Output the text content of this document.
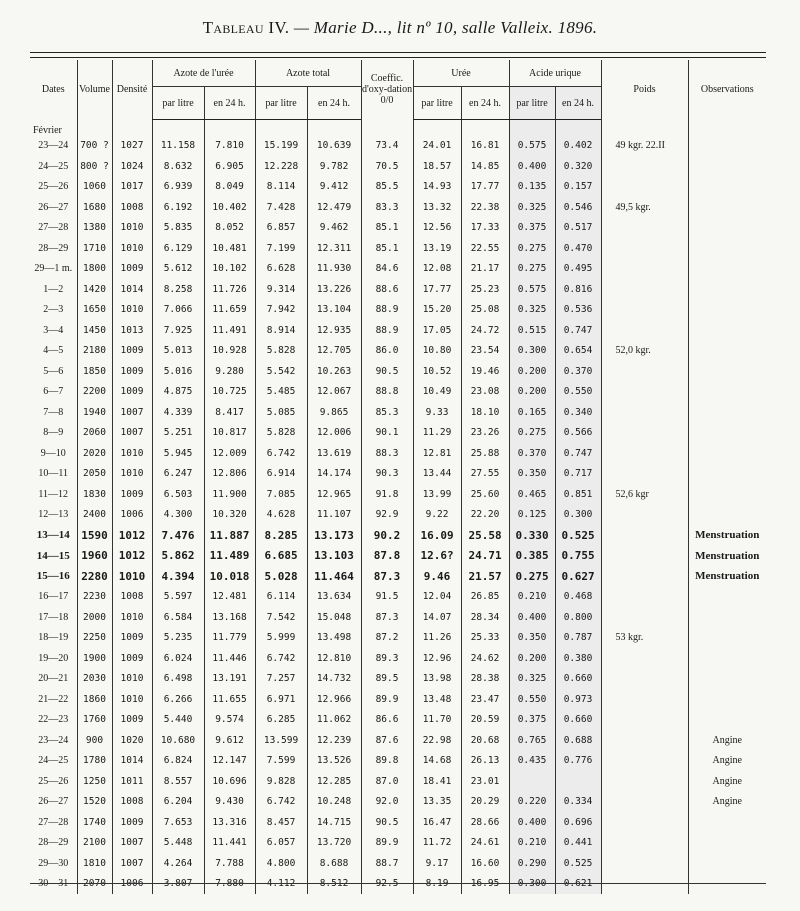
Tableau IV. — Marie D..., lit nº 10, salle Valleix. 1896.
Dates	Volume	Densité	Azote de l'urée		Azote total		Coeffic. d'oxy-dation 0/0	Urée		Acide urique		Poids	Observations
			par litre	en 24 h.	par litre	en 24 h.		par litre	en 24 h.	par litre	en 24 h.		

Février													
23—24	700 ?	1027	11.158	7.810	15.199	10.639	73.4	24.01	16.81	0.575	0.402	49 kgr. 22.II	
24—25	800 ?	1024	8.632	6.905	12.228	9.782	70.5	18.57	14.85	0.400	0.320		
25—26	1060	1017	6.939	8.049	8.114	9.412	85.5	14.93	17.77	0.135	0.157		
26—27	1680	1008	6.192	10.402	7.428	12.479	83.3	13.32	22.38	0.325	0.546	49,5 kgr.	
27—28	1380	1010	5.835	8.052	6.857	9.462	85.1	12.56	17.33	0.375	0.517		
28—29	1710	1010	6.129	10.481	7.199	12.311	85.1	13.19	22.55	0.275	0.470		
29—1 m.	1800	1009	5.612	10.102	6.628	11.930	84.6	12.08	21.17	0.275	0.495		
1—2	1420	1014	8.258	11.726	9.314	13.226	88.6	17.77	25.23	0.575	0.816		
2—3	1650	1010	7.066	11.659	7.942	13.104	88.9	15.20	25.08	0.325	0.536		
3—4	1450	1013	7.925	11.491	8.914	12.935	88.9	17.05	24.72	0.515	0.747		
4—5	2180	1009	5.013	10.928	5.828	12.705	86.0	10.80	23.54	0.300	0.654	52,0 kgr.	
5—6	1850	1009	5.016	9.280	5.542	10.263	90.5	10.52	19.46	0.200	0.370		
6—7	2200	1009	4.875	10.725	5.485	12.067	88.8	10.49	23.08	0.200	0.550		
7—8	1940	1007	4.339	8.417	5.085	9.865	85.3	9.33	18.10	0.165	0.340		
8—9	2060	1007	5.251	10.817	5.828	12.006	90.1	11.29	23.26	0.275	0.566		
9—10	2020	1010	5.945	12.009	6.742	13.619	88.3	12.81	25.88	0.370	0.747		
10—11	2050	1010	6.247	12.806	6.914	14.174	90.3	13.44	27.55	0.350	0.717		
11—12	1830	1009	6.503	11.900	7.085	12.965	91.8	13.99	25.60	0.465	0.851	52,6 kgr	
12—13	2400	1006	4.300	10.320	4.628	11.107	92.9	9.22	22.20	0.125	0.300		
13—14	1590	1012	7.476	11.887	8.285	13.173	90.2	16.09	25.58	0.330	0.525		Menstruation
14—15	1960	1012	5.862	11.489	6.685	13.103	87.8	12.6?	24.71	0.385	0.755		Menstruation
15—16	2280	1010	4.394	10.018	5.028	11.464	87.3	9.46	21.57	0.275	0.627		Menstruation
16—17	2230	1008	5.597	12.481	6.114	13.634	91.5	12.04	26.85	0.210	0.468		
17—18	2000	1010	6.584	13.168	7.542	15.048	87.3	14.07	28.34	0.400	0.800		
18—19	2250	1009	5.235	11.779	5.999	13.498	87.2	11.26	25.33	0.350	0.787	53 kgr.	
19—20	1900	1009	6.024	11.446	6.742	12.810	89.3	12.96	24.62	0.200	0.380		
20—21	2030	1010	6.498	13.191	7.257	14.732	89.5	13.98	28.38	0.325	0.660		
21—22	1860	1010	6.266	11.655	6.971	12.966	89.9	13.48	23.47	0.550	0.973		
22—23	1760	1009	5.440	9.574	6.285	11.062	86.6	11.70	20.59	0.375	0.660		
23—24	900	1020	10.680	9.612	13.599	12.239	87.6	22.98	20.68	0.765	0.688		Angine
24—25	1780	1014	6.824	12.147	7.599	13.526	89.8	14.68	26.13	0.435	0.776		Angine
25—26	1250	1011	8.557	10.696	9.828	12.285	87.0	18.41	23.01				Angine
26—27	1520	1008	6.204	9.430	6.742	10.248	92.0	13.35	20.29	0.220	0.334		Angine
27—28	1740	1009	7.653	13.316	8.457	14.715	90.5	16.47	28.66	0.400	0.696		
28—29	2100	1007	5.448	11.441	6.057	13.720	89.9	11.72	24.61	0.210	0.441		
29—30	1810	1007	4.264	7.788	4.800	8.688	88.7	9.17	16.60	0.290	0.525		
30—31	2070	1006	3.807	7.880	4.112	8.512	92.5	8.19	16.95	0.300	0.621		
